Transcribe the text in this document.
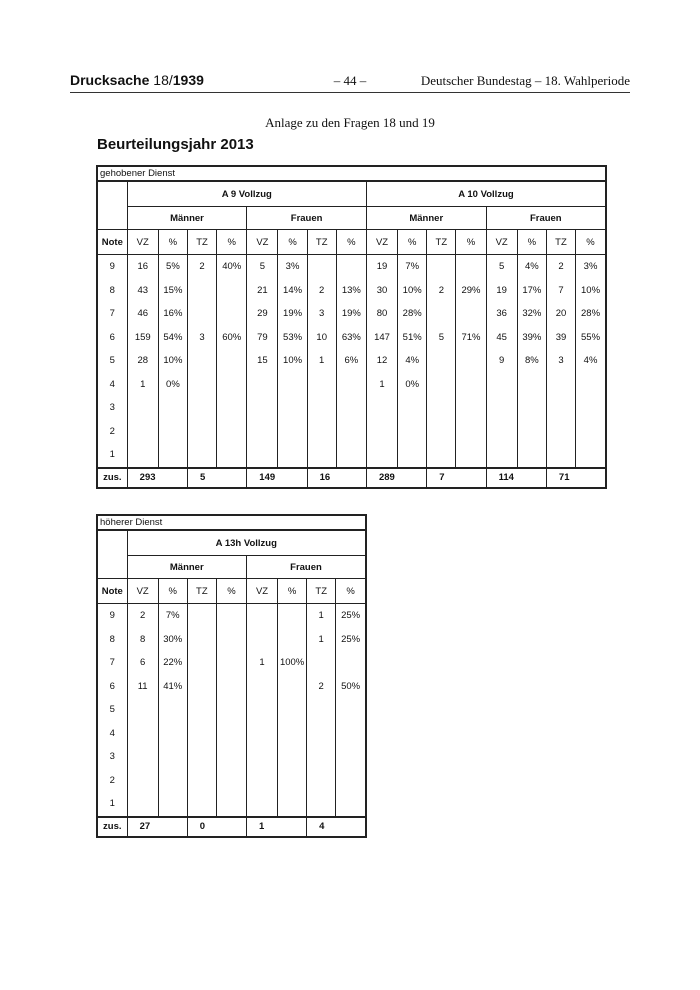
Drucksache 18/1939	– 44 –	Deutscher Bundestag – 18. Wahlperiode
Anlage zu den Fragen 18 und 19
Beurteilungsjahr 2013
gehobener Dienst																
	A 9 Vollzug								A 10 Vollzug							
	Männer				Frauen				Männer				Frauen			

Note	VZ	%	TZ	%	VZ	%	TZ	%	VZ	%	TZ	%	VZ	%	TZ	%
9	16	5%	2	40%	5	3%			19	7%			5	4%	2	3%
8	43	15%			21	14%	2	13%	30	10%	2	29%	19	17%	7	10%
7	46	16%			29	19%	3	19%	80	28%			36	32%	20	28%
6	159	54%	3	60%	79	53%	10	63%	147	51%	5	71%	45	39%	39	55%
5	28	10%			15	10%	1	6%	12	4%			9	8%	3	4%
4	1	0%							1	0%						
3																
2																
1																
zus.	293		5		149		16		289		7		114		71	
höherer Dienst								
	A 13h Vollzug							
	Männer				Frauen			

Note	VZ	%	TZ	%	VZ	%	TZ	%
9	2	7%					1	25%
8	8	30%					1	25%
7	6	22%			1	100%		
6	11	41%					2	50%
5								
4								
3								
2								
1								
zus.	27		0		1		4	
